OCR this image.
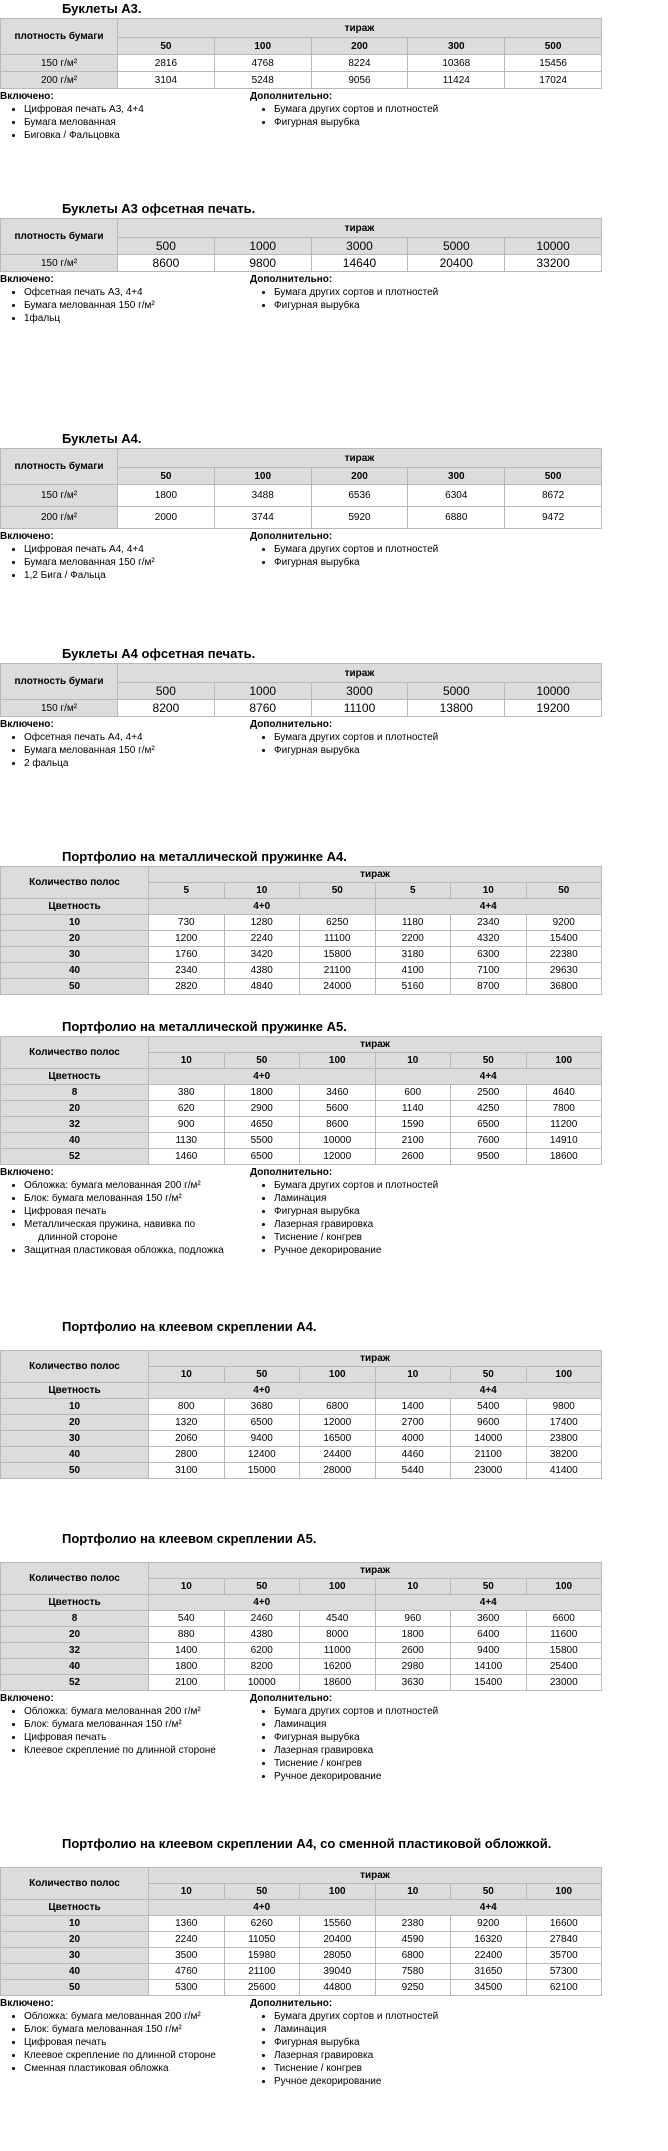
Буклеты А3.
плотность бумаги	тираж				
	50	100	200	300	500
150 г/м²	2816	4768	8224	10368	15456
200 г/м²	3104	5248	9056	11424	17024
Включено:
• Цифровая печать А3, 4+4
• Бумага мелованная
• Биговка / Фальцовка
Дополнительно:
• Бумага других сортов и плотностей
• Фигурная вырубка
Буклеты А3 офсетная печать.
плотность бумаги	тираж				
	500	1000	3000	5000	10000
150 г/м²	8600	9800	14640	20400	33200
Включено:
• Офсетная печать А3, 4+4
• Бумага мелованная 150 г/м²
• 1фальц
Дополнительно:
• Бумага других сортов и плотностей
• Фигурная вырубка
Буклеты А4.
плотность бумаги	тираж				
	50	100	200	300	500
150 г/м²	1800	3488	6536	6304	8672
200 г/м²	2000	3744	5920	6880	9472
Включено:
• Цифровая печать А4, 4+4
• Бумага мелованная 150 г/м²
• 1,2 Бига / Фальца
Дополнительно:
• Бумага других сортов и плотностей
• Фигурная вырубка
Буклеты А4 офсетная печать.
плотность бумаги	тираж				
	500	1000	3000	5000	10000
150 г/м²	8200	8760	11100	13800	19200
Включено:
• Офсетная печать А4, 4+4
• Бумага мелованная 150 г/м²
• 2 фальца
Дополнительно:
• Бумага других сортов и плотностей
• Фигурная вырубка
Портфолио на металлической пружинке А4.
Количество полос	тираж					
	5	10	50	5	10	50
Цветность	4+0			4+4		
10	730	1280	6250	1180	2340	9200
20	1200	2240	11100	2200	4320	15400
30	1760	3420	15800	3180	6300	22380
40	2340	4380	21100	4100	7100	29630
50	2820	4840	24000	5160	8700	36800
Портфолио на металлической пружинке А5.
Количество полос	тираж					
	10	50	100	10	50	100
Цветность	4+0			4+4		
8	380	1800	3460	600	2500	4640
20	620	2900	5600	1140	4250	7800
32	900	4650	8600	1590	6500	11200
40	1130	5500	10000	2100	7600	14910
52	1460	6500	12000	2600	9500	18600
Включено:
• Обложка: бумага мелованная 200 г/м²
• Блок: бумага мелованная 150 г/м²
• Цифровая печать
• Металлическая пружина, навивка по
длинной стороне
• Защитная пластиковая обложка, подложка
Дополнительно:
• Бумага других сортов и плотностей
• Ламинация
• Фигурная вырубка
• Лазерная гравировка
• Тиснение / конгрев
• Ручное декорирование
Портфолио на клеевом скреплении А4.
Количество полос	тираж					
	10	50	100	10	50	100
Цветность	4+0			4+4		
10	800	3680	6800	1400	5400	9800
20	1320	6500	12000	2700	9600	17400
30	2060	9400	16500	4000	14000	23800
40	2800	12400	24400	4460	21100	38200
50	3100	15000	28000	5440	23000	41400
Портфолио на клеевом скреплении А5.
Количество полос	тираж					
	10	50	100	10	50	100
Цветность	4+0			4+4		
8	540	2460	4540	960	3600	6600
20	880	4380	8000	1800	6400	11600
32	1400	6200	11000	2600	9400	15800
40	1800	8200	16200	2980	14100	25400
52	2100	10000	18600	3630	15400	23000
Включено:
• Обложка: бумага мелованная 200 г/м²
• Блок: бумага мелованная 150 г/м²
• Цифровая печать
• Клеевое скрепление по длинной стороне
Дополнительно:
• Бумага других сортов и плотностей
• Ламинация
• Фигурная вырубка
• Лазерная гравировка
• Тиснение / конгрев
• Ручное декорирование
Портфолио на клеевом скреплении А4, со сменной пластиковой обложкой.
Количество полос	тираж					
	10	50	100	10	50	100
Цветность	4+0			4+4		
10	1360	6260	15560	2380	9200	16600
20	2240	11050	20400	4590	16320	27840
30	3500	15980	28050	6800	22400	35700
40	4760	21100	39040	7580	31650	57300
50	5300	25600	44800	9250	34500	62100
Включено:
• Обложка: бумага мелованная 200 г/м²
• Блок: бумага мелованная 150 г/м²
• Цифровая печать
• Клеевое скрепление по длинной стороне
• Сменная пластиковая обложка
Дополнительно:
• Бумага других сортов и плотностей
• Ламинация
• Фигурная вырубка
• Лазерная гравировка
• Тиснение / конгрев
• Ручное декорирование
